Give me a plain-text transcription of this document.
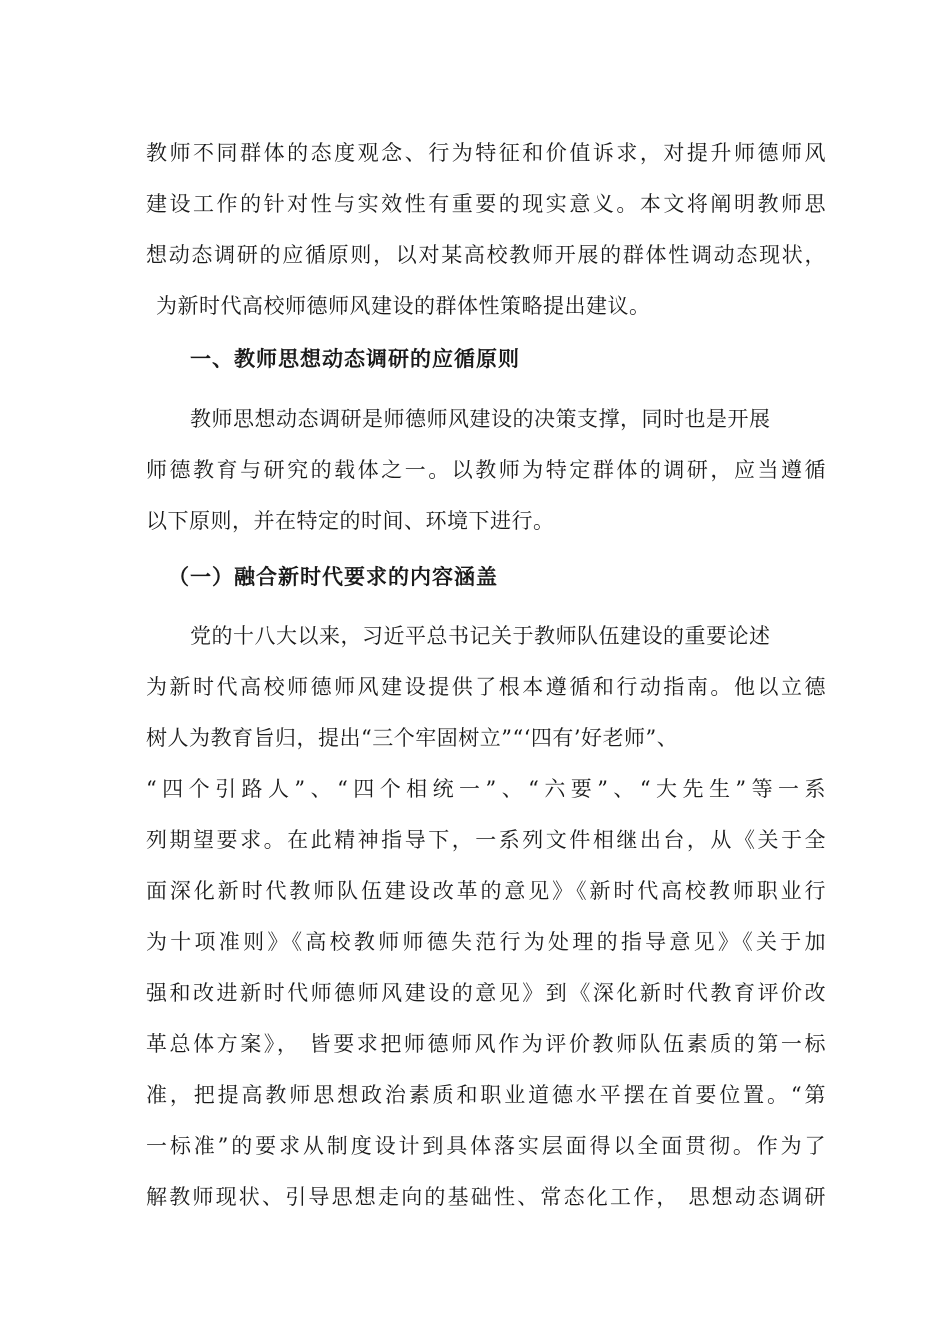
教师不同群体的态度观念、行为特征和价值诉求，对提升师德师风
建设工作的针对性与实效性有重要的现实意义。本文将阐明教师思
想动态调研的应循原则，以对某高校教师开展的群体性调动态现状，
为新时代高校师德师风建设的群体性策略提出建议。
一、教师思想动态调研的应循原则
教师思想动态调研是师德师风建设的决策支撑，同时也是开展
师德教育与研究的载体之一。以教师为特定群体的调研，应当遵循
以下原则，并在特定的时间、环境下进行。
（一）融合新时代要求的内容涵盖
党的十八大以来，习近平总书记关于教师队伍建设的重要论述
为新时代高校师德师风建设提供了根本遵循和行动指南。他以立德
树人为教育旨归，提出“三个牢固树立”“‘四有’好老师”、
“四个引路人”、“四个相统一”、“六要”、“大先生”等一系
列期望要求。在此精神指导下，一系列文件相继出台，从《关于全
面深化新时代教师队伍建设改革的意见》《新时代高校教师职业行
为十项准则》《高校教师师德失范行为处理的指导意见》《关于加
强和改进新时代师德师风建设的意见》到《深化新时代教育评价改
革总体方案》， 皆要求把师德师风作为评价教师队伍素质的第一标
准，把提高教师思想政治素质和职业道德水平摆在首要位置。“第
一标准”的要求从制度设计到具体落实层面得以全面贯彻。作为了
解教师现状、引导思想走向的基础性、常态化工作， 思想动态调研
